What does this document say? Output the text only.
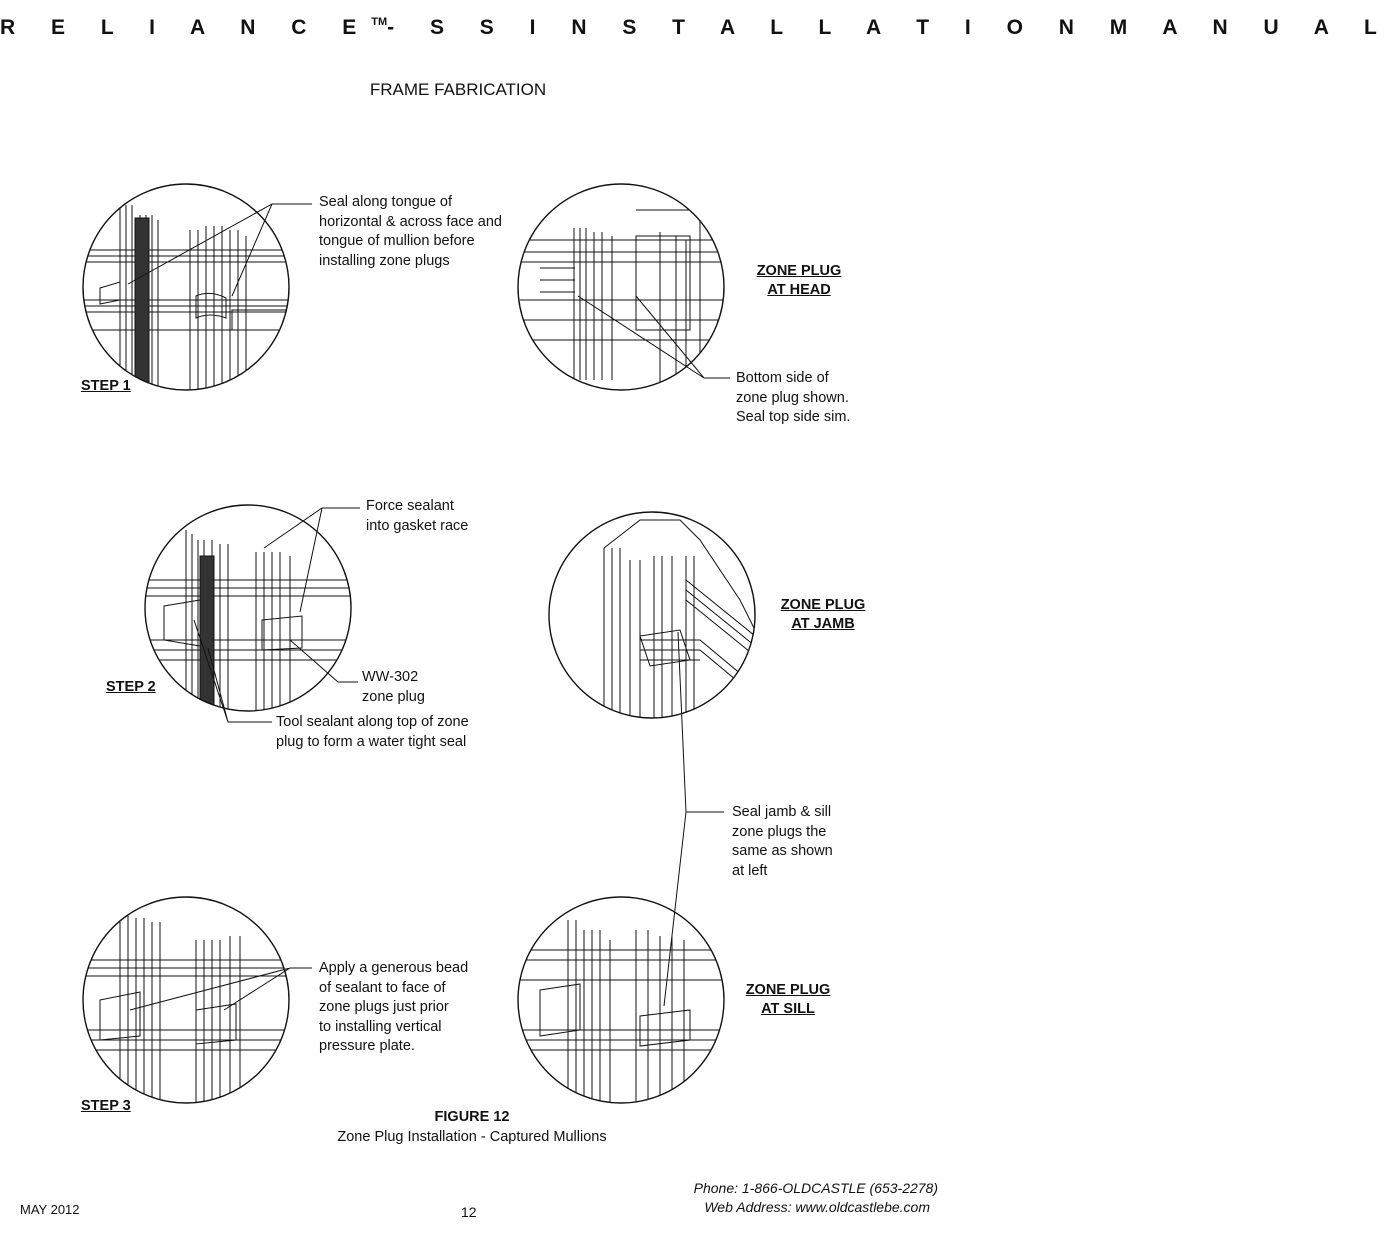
R E L I A N C E™- S S I N S T A L L A T I O N M A N U A L
FRAME FABRICATION
Seal along tongue of
horizontal & across face and
tongue of mullion before
installing zone plugs
ZONE PLUG
AT HEAD
STEP 1	Bottom side of
zone plug shown.
Seal top side sim.
Force sealant
into gasket race
ZONE PLUG
AT JAMB
WW-302
zone plug
STEP 2
Tool sealant along top of zone
plug to form a water tight seal
Seal jamb & sill
zone plugs the
same as shown
at left
Apply a generous bead
of sealant to face of
zone plugs just prior
to installing vertical
pressure plate.
ZONE PLUG
AT SILL
STEP 3
FIGURE 12
Zone Plug Installation - Captured Mullions
MAY 2012	12
Phone: 1-866-OLDCASTLE (653-2278)
Web Address: www.oldcastlebe.com
